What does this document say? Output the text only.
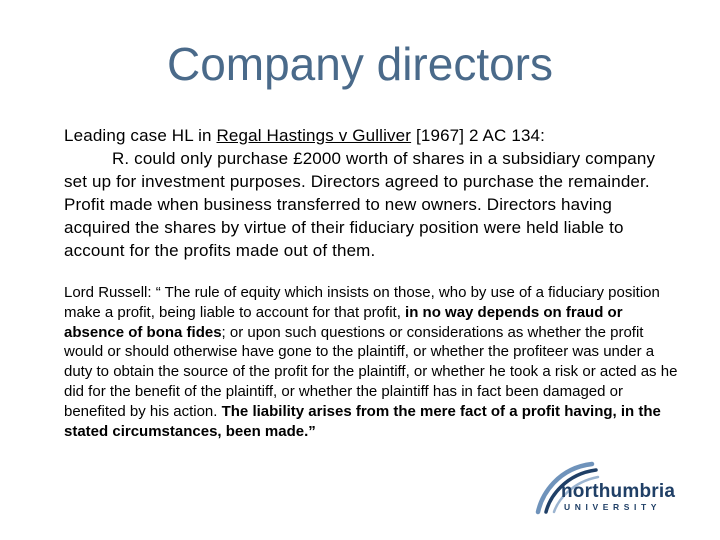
Company directors
Leading case HL in Regal Hastings v Gulliver [1967] 2 AC 134:
R. could only purchase £2000 worth of shares in a subsidiary company set up for investment purposes. Directors agreed to purchase the remainder. Profit made when business transferred to new owners. Directors having acquired the shares by virtue of their fiduciary position were held liable to account for the profits made out of them.
Lord Russell: “ The rule of equity which insists on those, who by use of a fiduciary position make a profit, being liable to account for that profit, in no way depends on fraud or absence of bona fides; or upon such questions or considerations as whether the profit would or should otherwise have gone to the plaintiff, or whether the profiteer was under a duty to obtain the source of the profit for the plaintiff, or whether he took a risk or acted as he did for the benefit of the plaintiff, or whether the plaintiff has in fact been damaged or benefited by his action. The liability arises from the mere fact of a profit having, in the stated circumstances, been made.”
northumbria
UNIVERSITY
